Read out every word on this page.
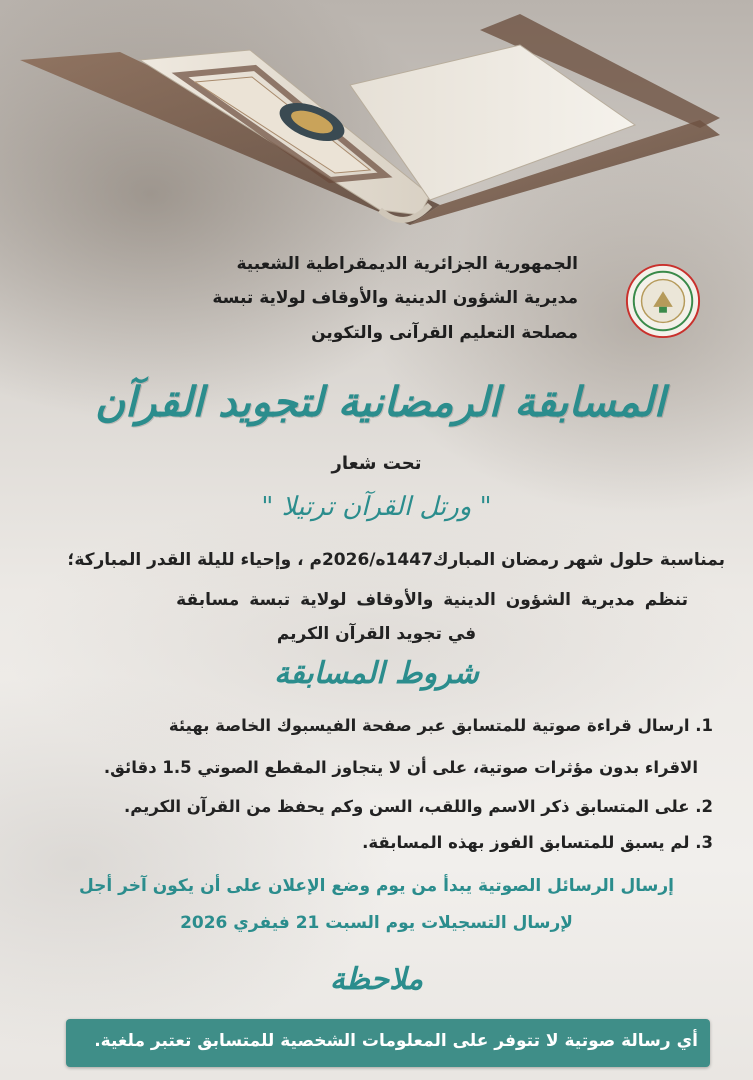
الجمهورية الجزائرية الديمقراطية الشعبية
مديرية الشؤون الدينية والأوقاف لولاية تبسة
مصلحة التعليم القرآنى والتكوين
المسابقة الرمضانية لتجويد القرآن
تحت شعار
" ورتل القرآن ترتيلا "
بمناسبة حلول شهر رمضان المبارك1447ه/2026م ، وإحياء لليلة القدر المباركة؛
تنظم مديرية الشؤون الدينية والأوقاف لولاية تبسة مسابقة
في تجويد القرآن الكريم
شروط المسابقة
1. ارسال قراءة صوتية للمتسابق عبر صفحة الفيسبوك الخاصة بهيئة
الاقراء بدون مؤثرات صوتية، على أن لا يتجاوز المقطع الصوتي 1.5 دقائق.
2. على المتسابق ذكر الاسم واللقب، السن وكم يحفظ من القرآن الكريم.
3. لم يسبق للمتسابق الفوز بهذه المسابقة.
إرسال الرسائل الصوتية يبدأ من يوم وضع الإعلان على أن يكون آخر أجل
لإرسال التسجيلات يوم السبت 21 فيفري 2026
ملاحظة
أي رسالة صوتية لا تتوفر على المعلومات الشخصية للمتسابق تعتبر ملغية.
